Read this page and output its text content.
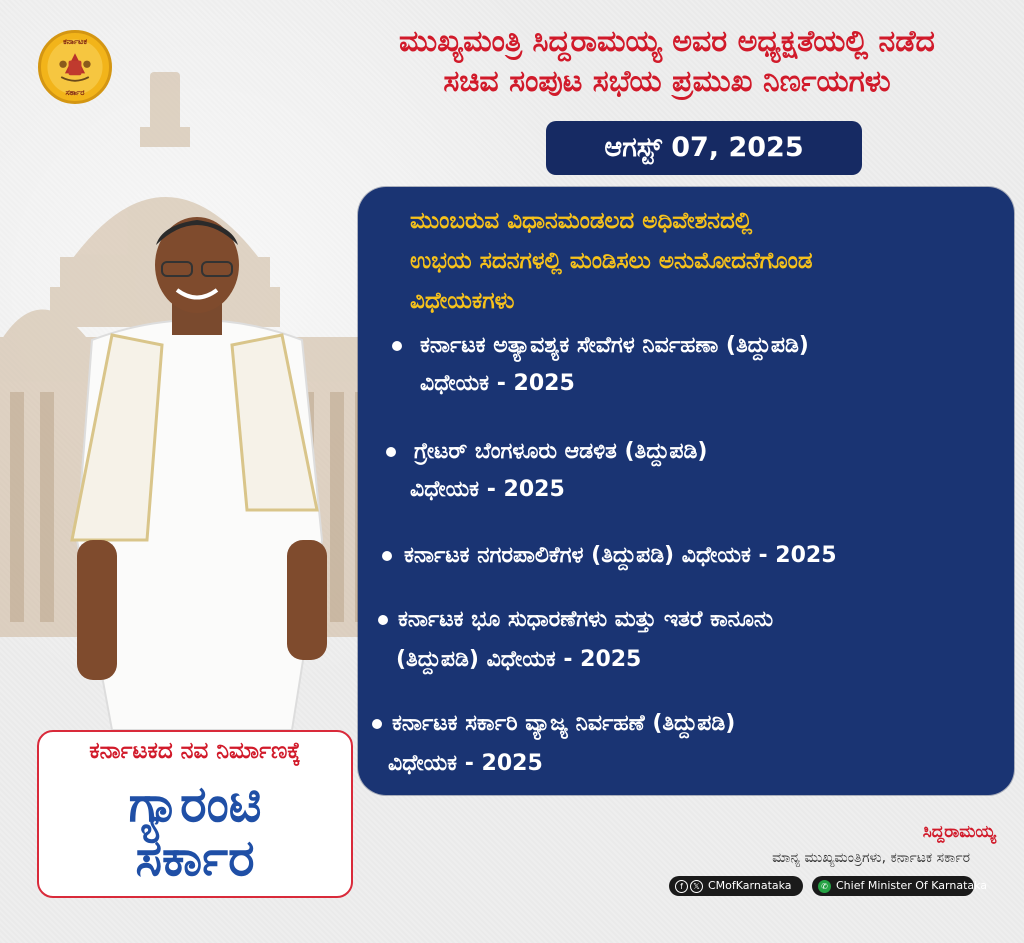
ಕರ್ನಾಟಕ
ಸರ್ಕಾರ
ಮುಖ್ಯಮಂತ್ರಿ ಸಿದ್ದರಾಮಯ್ಯ ಅವರ ಅಧ್ಯಕ್ಷತೆಯಲ್ಲಿ ನಡೆದ
ಸಚಿವ ಸಂಪುಟ ಸಭೆಯ ಪ್ರಮುಖ ನಿರ್ಣಯಗಳು
ಆಗಸ್ಟ್ 07, 2025
ಮುಂಬರುವ ವಿಧಾನಮಂಡಲದ ಅಧಿವೇಶನದಲ್ಲಿ
ಉಭಯ ಸದನಗಳಲ್ಲಿ ಮಂಡಿಸಲು ಅನುಮೋದನೆಗೊಂಡ
ವಿಧೇಯಕಗಳು
ಕರ್ನಾಟಕ ಅತ್ಯಾವಶ್ಯಕ ಸೇವೆಗಳ ನಿರ್ವಹಣಾ (ತಿದ್ದುಪಡಿ)
ವಿಧೇಯಕ - 2025
ಗ್ರೇಟರ್ ಬೆಂಗಳೂರು ಆಡಳಿತ (ತಿದ್ದುಪಡಿ)
ವಿಧೇಯಕ - 2025
ಕರ್ನಾಟಕ ನಗರಪಾಲಿಕೆಗಳ (ತಿದ್ದುಪಡಿ) ವಿಧೇಯಕ - 2025
ಕರ್ನಾಟಕ ಭೂ ಸುಧಾರಣೆಗಳು ಮತ್ತು ಇತರೆ ಕಾನೂನು
(ತಿದ್ದುಪಡಿ) ವಿಧೇಯಕ - 2025
ಕರ್ನಾಟಕ ಸರ್ಕಾರಿ ವ್ಯಾಜ್ಯ ನಿರ್ವಹಣೆ (ತಿದ್ದುಪಡಿ)
ವಿಧೇಯಕ - 2025
ಕರ್ನಾಟಕದ ನವ ನಿರ್ಮಾಣಕ್ಕೆ
ಗ್ಯಾರಂಟಿ
ಸರ್ಕಾರ	ಸಿದ್ದರಾಮಯ್ಯ
ಮಾನ್ಯ ಮುಖ್ಯಮಂತ್ರಿಗಳು, ಕರ್ನಾಟಕ ಸರ್ಕಾರ
f 𝕏 CMofKarnataka	✆ Chief Minister Of Karnataka
